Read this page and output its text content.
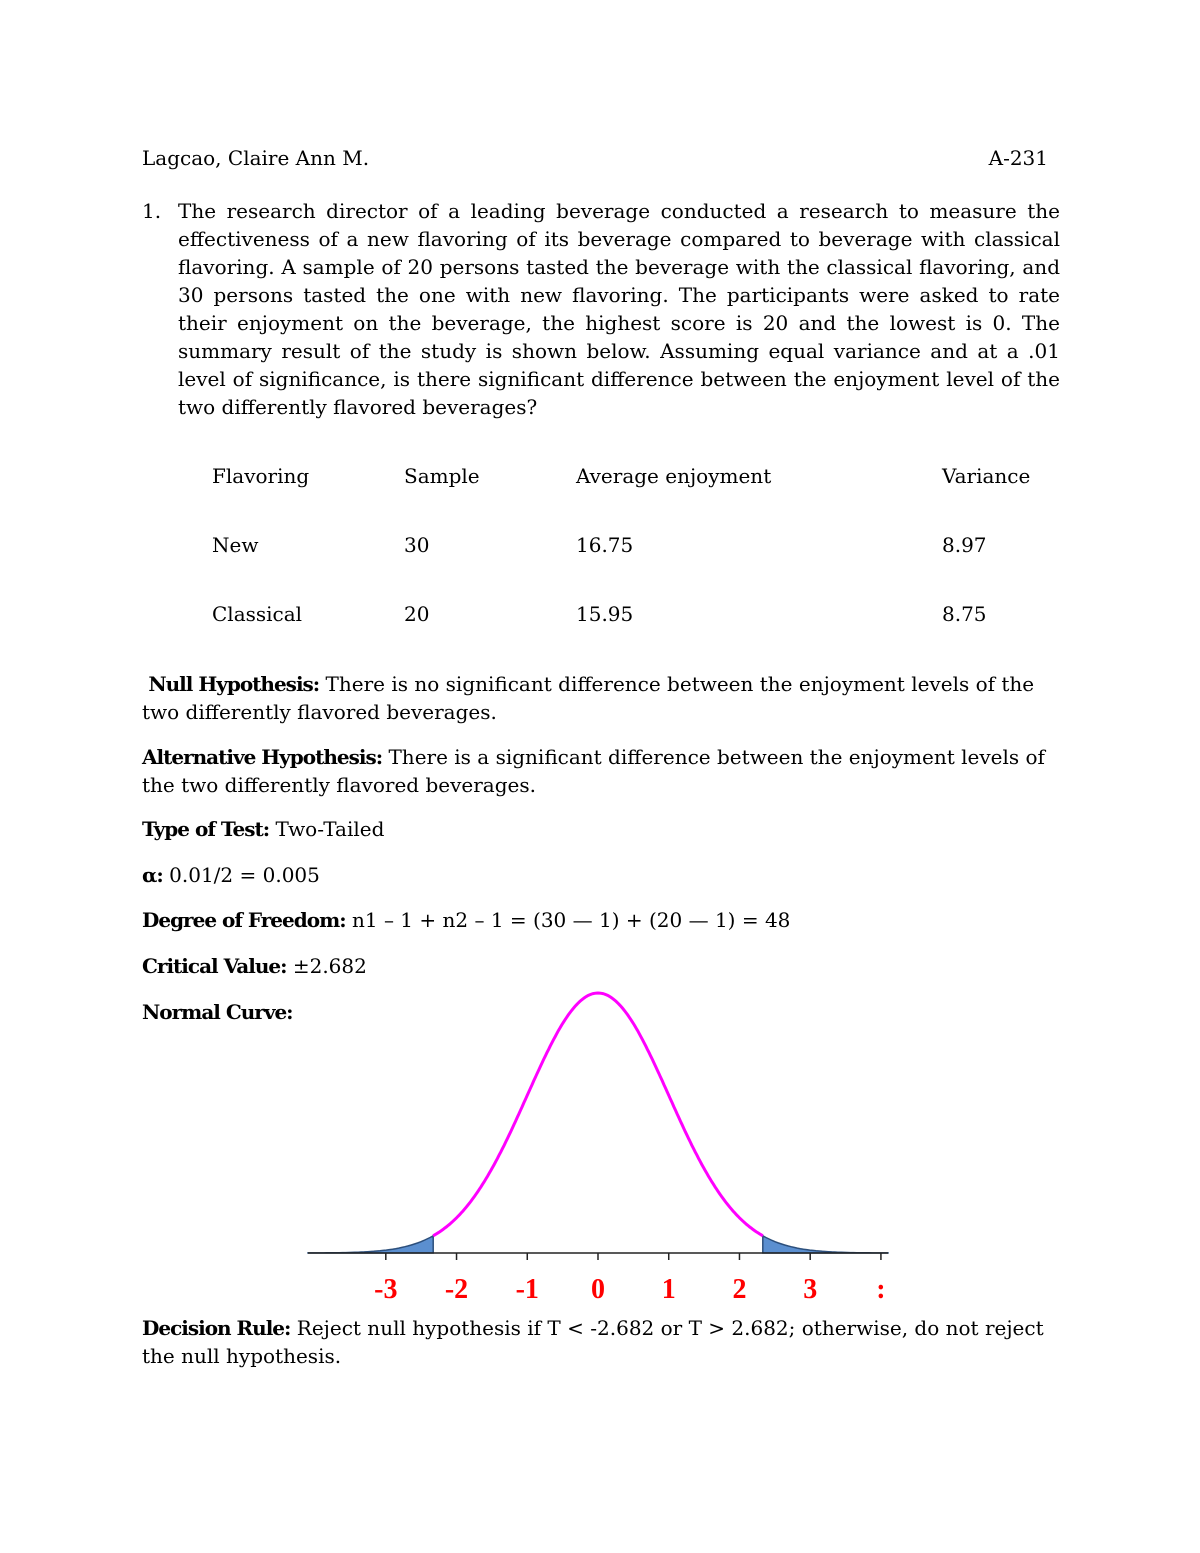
Lagcao, Claire Ann M.	A-231
1. The research director of a leading beverage conducted a research to measure the effectiveness of a new flavoring of its beverage compared to beverage with classical flavoring. A sample of 20 persons tasted the beverage with the classical flavoring, and 30 persons tasted the one with new flavoring. The participants were asked to rate their enjoyment on the beverage, the highest score is 20 and the lowest is 0. The summary result of the study is shown below. Assuming equal variance and at a .01 level of significance, is there significant difference between the enjoyment level of the two differently flavored beverages?
Flavoring	Sample	Average enjoyment	Variance
New	30	16.75	8.97
Classical	20	15.95	8.75
Null Hypothesis: There is no significant difference between the enjoyment levels of the two differently flavored beverages.
Alternative Hypothesis: There is a significant difference between the enjoyment levels of the two differently flavored beverages.
Type of Test: Two-Tailed
α: 0.01/2 = 0.005
Degree of Freedom: n1 – 1 + n2 – 1 = (30 — 1) + (20 — 1) = 48
Critical Value: ±2.682
Normal Curve:
-3 -2 -1 0 1 2 3 :
Decision Rule: Reject null hypothesis if T < -2.682 or T > 2.682; otherwise, do not reject the null hypothesis.
